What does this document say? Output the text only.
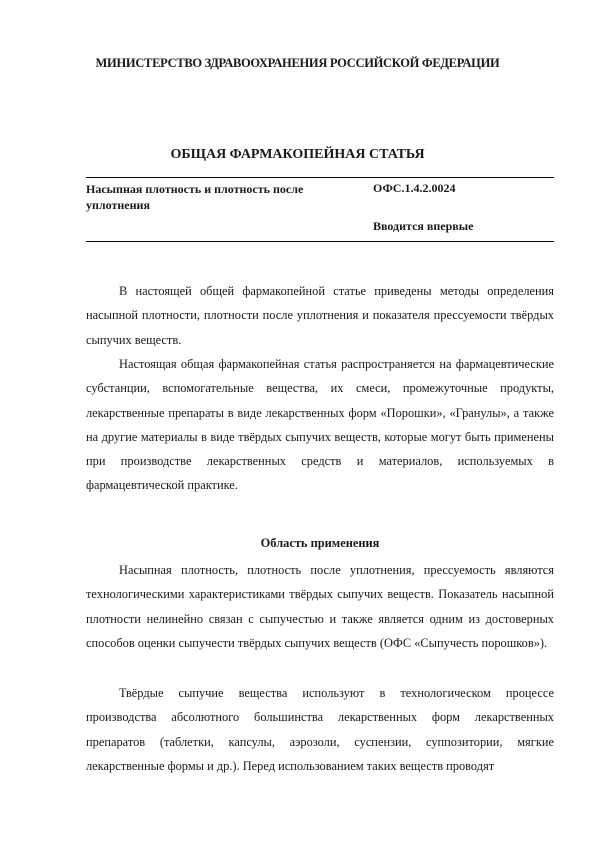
МИНИСТЕРСТВО ЗДРАВООХРАНЕНИЯ РОССИЙСКОЙ ФЕДЕРАЦИИ
ОБЩАЯ ФАРМАКОПЕЙНАЯ СТАТЬЯ
Насыпная плотность и плотность после уплотнения
ОФС.1.4.2.0024
Вводится впервые

В настоящей общей фармакопейной статье приведены методы определения насыпной плотности, плотности после уплотнения и показателя прессуемости твёрдых сыпучих веществ.

Настоящая общая фармакопейная статья распространяется на фармацевтические субстанции, вспомогательные вещества, их смеси, промежуточные продукты, лекарственные препараты в виде лекарственных форм «Порошки», «Гранулы», а также на другие материалы в виде твёрдых сыпучих веществ, которые могут быть применены при производстве лекарственных средств и материалов, используемых в фармацевтической практике.

Область применения

Насыпная плотность, плотность после уплотнения, прессуемость являются технологическими характеристиками твёрдых сыпучих веществ. Показатель насыпной плотности нелинейно связан с сыпучестью и также является одним из достоверных способов оценки сыпучести твёрдых сыпучих веществ (ОФС «Сыпучесть порошков»).

Твёрдые сыпучие вещества используют в технологическом процессе производства абсолютного большинства лекарственных форм лекарственных препаратов (таблетки, капсулы, аэрозоли, суспензии, суппозитории, мягкие лекарственные формы и др.). Перед использованием таких веществ проводят
